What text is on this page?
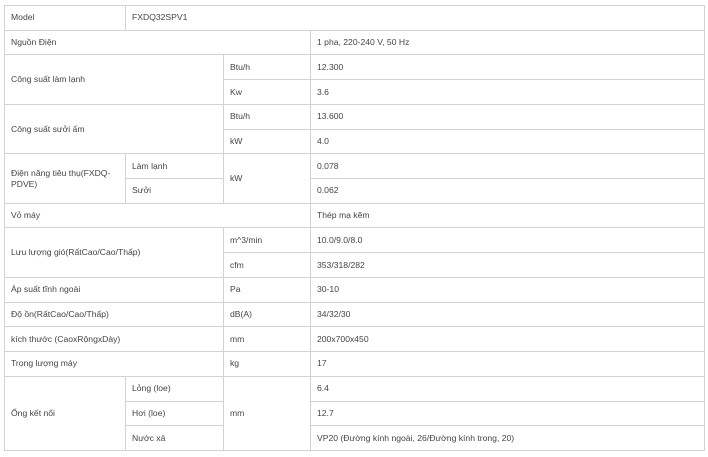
Model	FXDQ32SPV1		
Nguồn Điện			1 pha, 220-240 V, 50 Hz
Công suất làm lạnh		Btu/h	12.300
		Kw	3.6
Công suất sưởi ấm		Btu/h	13.600
		kW	4.0
Điện năng tiêu thụ(FXDQ-PDVE)	Làm lạnh	kW	0.078
	Sưởi		0.062
Vỏ máy			Thép mạ kẽm
Lưu lượng gió(RấtCao/Cao/Thấp)		m^3/min	10.0/9.0/8.0
		cfm	353/318/282
Áp suất tĩnh ngoài		Pa	30-10
Độ ồn(RấtCao/Cao/Thấp)		dB(A)	34/32/30
kích thước (CaoxRộngxDày)		mm	200x700x450
Trọng lượng máy		kg	17
Ống kết nối	Lỏng (loe)	mm	6.4
	Hơi (loe)		12.7
	Nước xả		VP20 (Đường kính ngoài, 26/Đường kính trong, 20)
